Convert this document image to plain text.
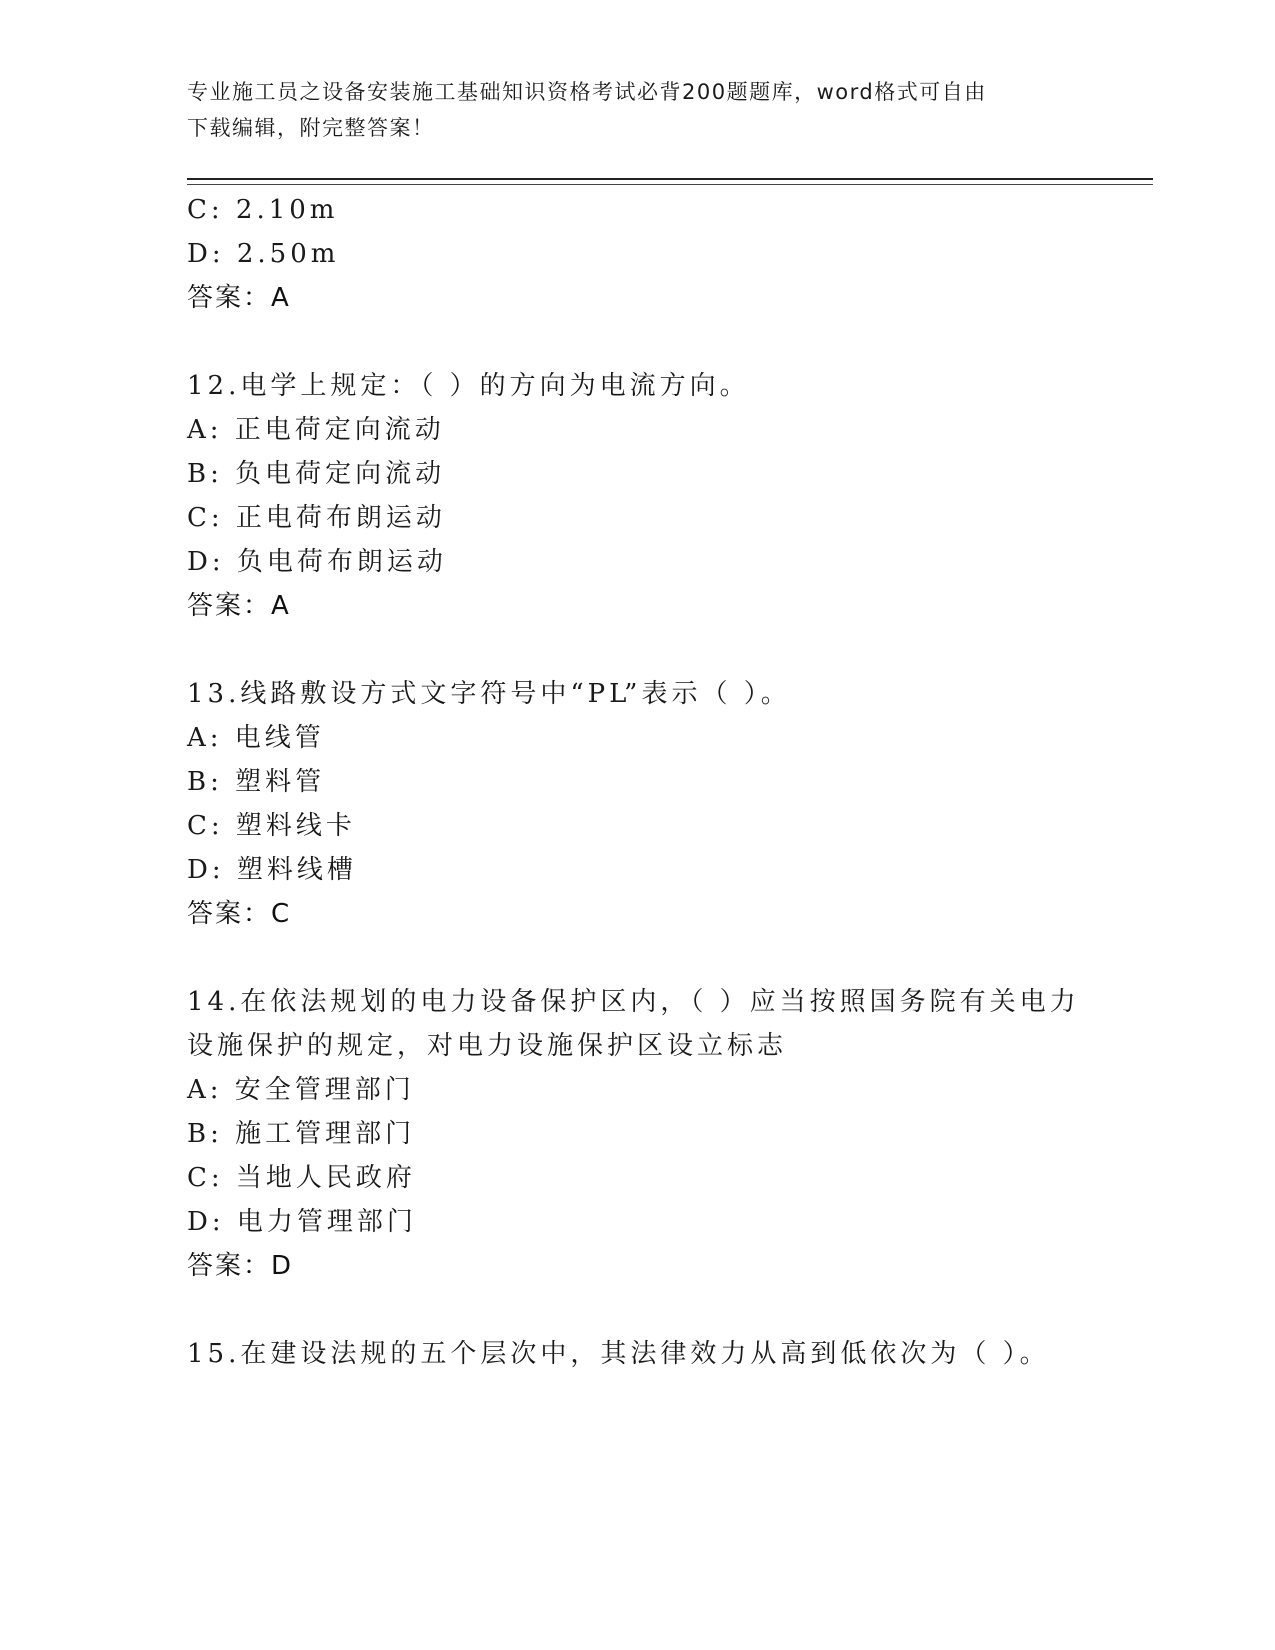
专业施工员之设备安装施工基础知识资格考试必背200题题库，word格式可自由
下载编辑，附完整答案！
C: 2.10m
D: 2.50m
答案：A
12.电学上规定：（ ）的方向为电流方向。
A: 正电荷定向流动
B: 负电荷定向流动
C: 正电荷布朗运动
D: 负电荷布朗运动
答案：A
13.线路敷设方式文字符号中“PL”表示（ ）。
A: 电线管
B: 塑料管
C: 塑料线卡
D: 塑料线槽
答案：C
14.在依法规划的电力设备保护区内，（ ）应当按照国务院有关电力
设施保护的规定，对电力设施保护区设立标志
A: 安全管理部门
B: 施工管理部门
C: 当地人民政府
D: 电力管理部门
答案：D
15.在建设法规的五个层次中，其法律效力从高到低依次为（ ）。
